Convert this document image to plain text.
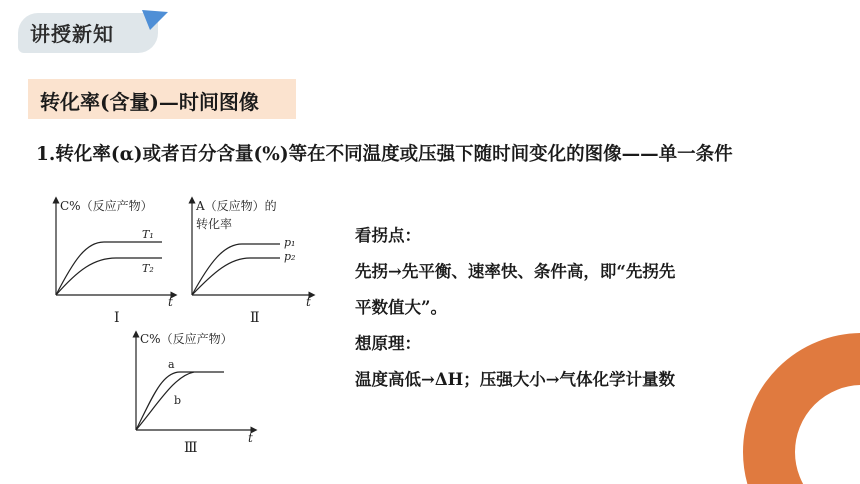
讲授新知
转化率(含量)—时间图像
1.转化率(α)或者百分含量(%)等在不同温度或压强下随时间变化的图像——单一条件
C%（反应产物）
T₁
T₂
t
Ⅰ
A（反应物）的
转化率
p₁
p₂
t
Ⅱ
C%（反应产物）
a
b
t
Ⅲ
看拐点：
先拐→先平衡、速率快、条件高，即“先拐先
平数值大”。
想原理：
温度高低→ΔH；压强大小→气体化学计量数
